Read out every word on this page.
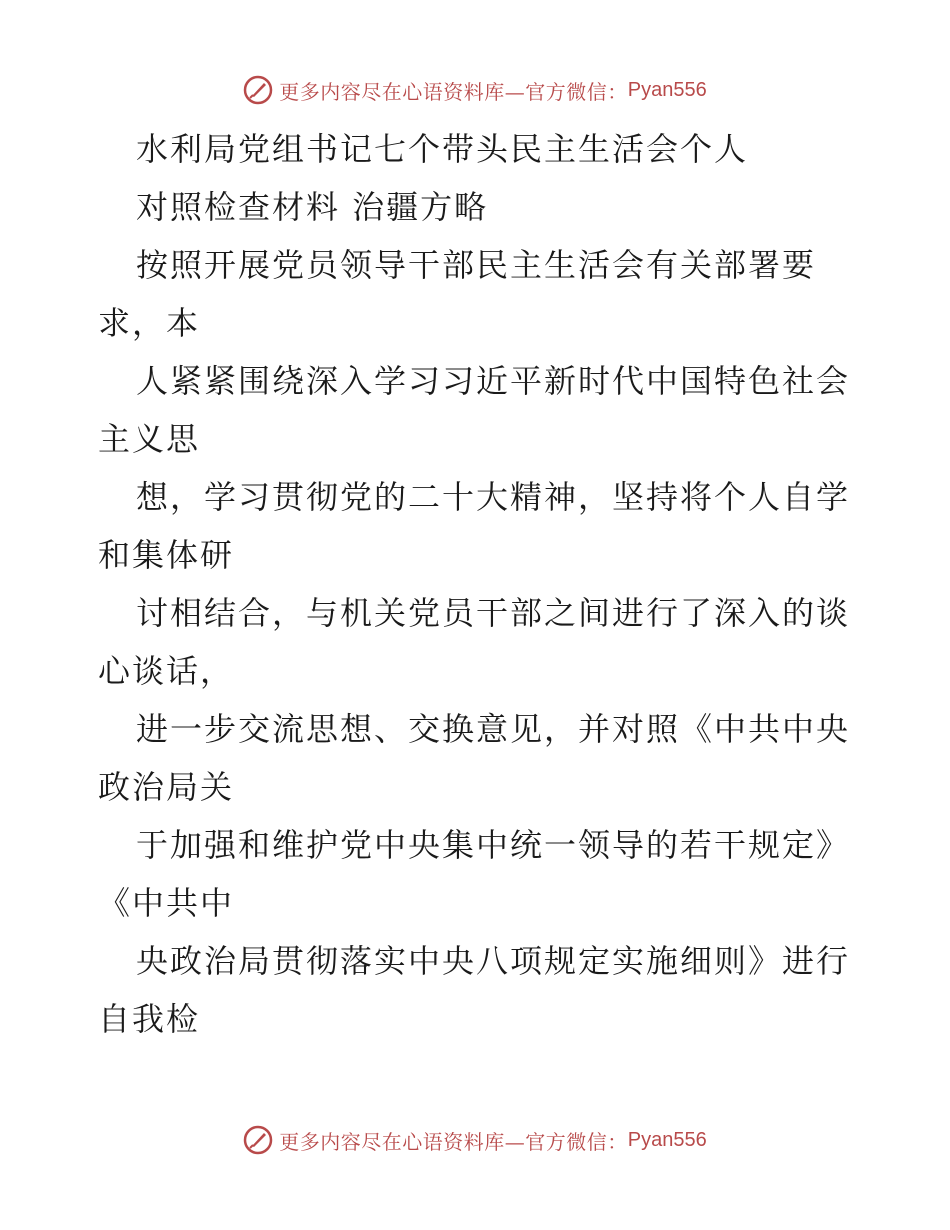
更多内容尽在心语资料库—官方微信： Pyan556
水利局党组书记七个带头民主生活会个人
对照检查材料 治疆方略
按照开展党员领导干部民主生活会有关部署要
求，本
人紧紧围绕深入学习习近平新时代中国特色社会
主义思
想，学习贯彻党的二十大精神，坚持将个人自学
和集体研
讨相结合，与机关党员干部之间进行了深入的谈
心谈话，
进一步交流思想、交换意见，并对照《中共中央
政治局关
于加强和维护党中央集中统一领导的若干规定》
《中共中
央政治局贯彻落实中央八项规定实施细则》进行
自我检
更多内容尽在心语资料库—官方微信： Pyan556
